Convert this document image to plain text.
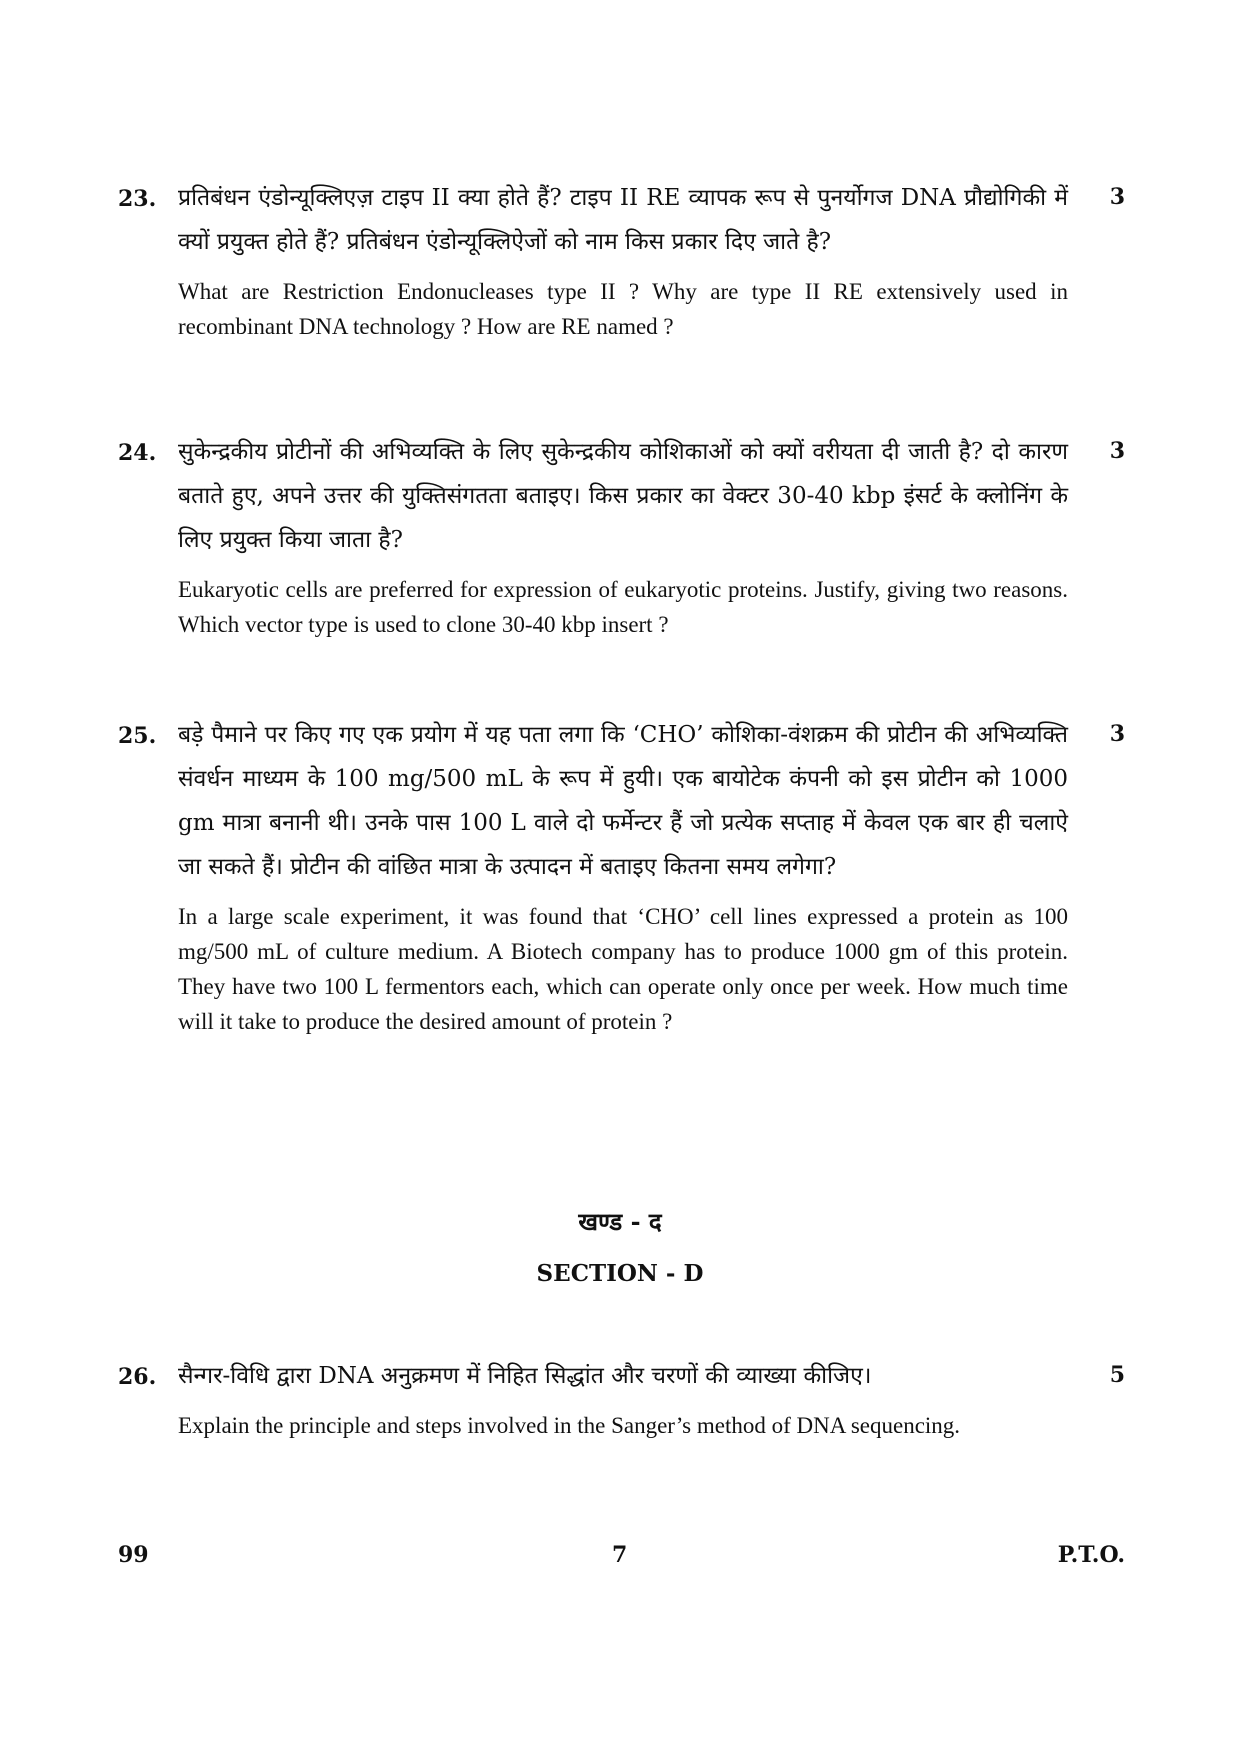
23.	3
प्रतिबंधन एंडोन्यूक्लिएज़ टाइप II क्या होते हैं? टाइप II RE व्यापक रूप से पुनर्योगज DNA प्रौद्योगिकी में क्यों प्रयुक्त होते हैं? प्रतिबंधन एंडोन्यूक्लिऐजों को नाम किस प्रकार दिए जाते है?
What are Restriction Endonucleases type II ? Why are type II RE extensively used in recombinant DNA technology ? How are RE named ?
24.	3
सुकेन्द्रकीय प्रोटीनों की अभिव्यक्ति के लिए सुकेन्द्रकीय कोशिकाओं को क्यों वरीयता दी जाती है? दो कारण बताते हुए, अपने उत्तर की युक्तिसंगतता बताइए। किस प्रकार का वेक्टर 30-40 kbp इंसर्ट के क्लोनिंग के लिए प्रयुक्त किया जाता है?
Eukaryotic cells are preferred for expression of eukaryotic proteins. Justify, giving two reasons. Which vector type is used to clone 30-40 kbp insert ?
25.	3
बड़े पैमाने पर किए गए एक प्रयोग में यह पता लगा कि ‘CHO’ कोशिका-वंशक्रम की प्रोटीन की अभिव्यक्ति संवर्धन माध्यम के 100 mg/500 mL के रूप में हुयी। एक बायोटेक कंपनी को इस प्रोटीन को 1000 gm मात्रा बनानी थी। उनके पास 100 L वाले दो फर्मेन्टर हैं जो प्रत्येक सप्ताह में केवल एक बार ही चलाऐ जा सकते हैं। प्रोटीन की वांछित मात्रा के उत्पादन में बताइए कितना समय लगेगा?
In a large scale experiment, it was found that ‘CHO’ cell lines expressed a protein as 100 mg/500 mL of culture medium. A Biotech company has to produce 1000 gm of this protein. They have two 100 L fermentors each, which can operate only once per week. How much time will it take to produce the desired amount of protein ?
खण्ड - द
SECTION - D
26.	5
सैन्गर-विधि द्वारा DNA अनुक्रमण में निहित सिद्धांत और चरणों की व्याख्या कीजिए।
Explain the principle and steps involved in the Sanger’s method of DNA sequencing.
99	7	P.T.O.
